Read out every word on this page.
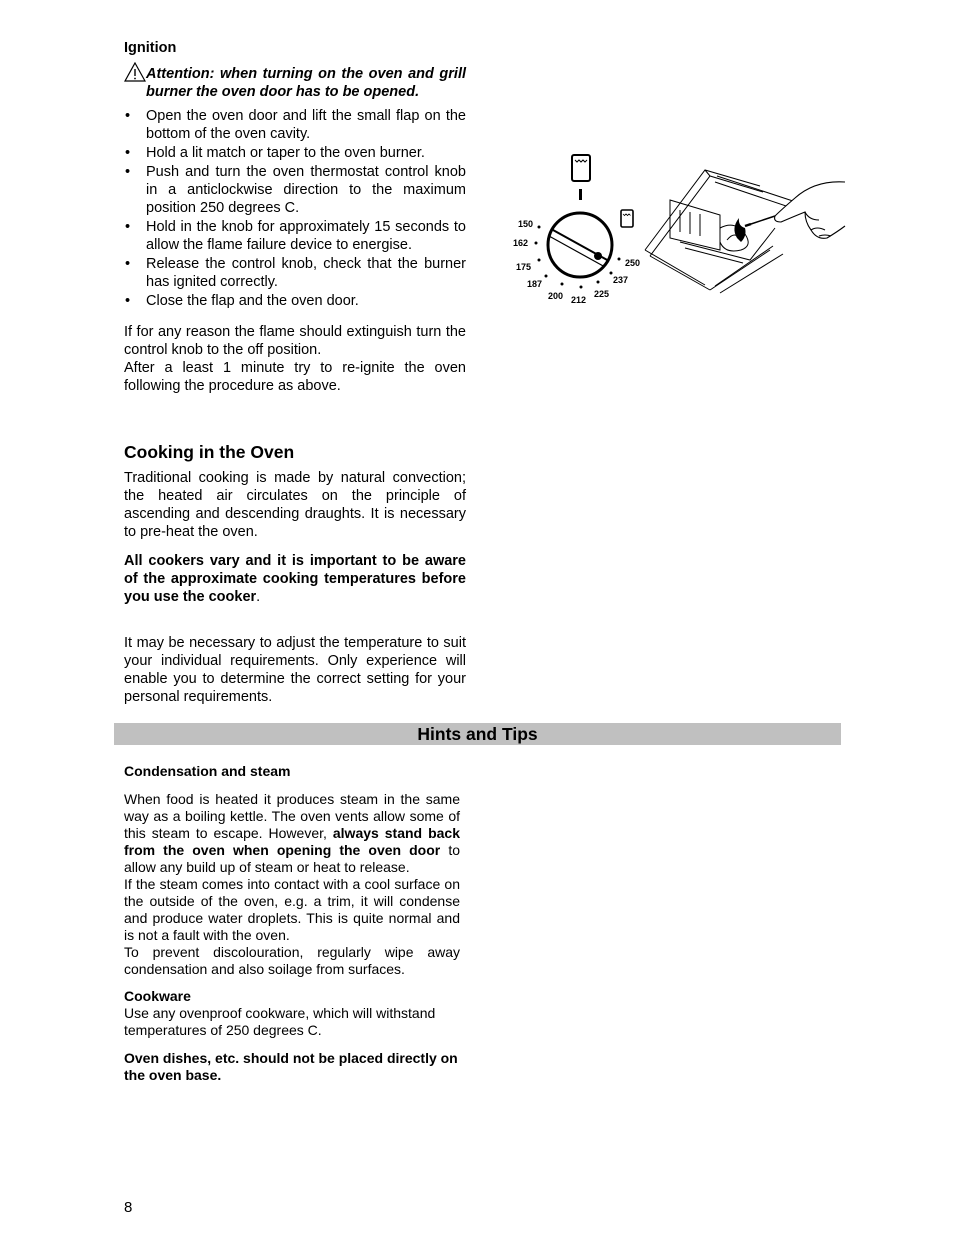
Ignition

Attention: when turning on the oven and grill burner the oven door has to be opened.
• Open the oven door and lift the small flap on the bottom of the oven cavity.
• Hold a lit match or taper to the oven burner.
• Push and turn the oven thermostat control knob in a anticlockwise direction to the maximum position 250 degrees C.
• Hold in the knob for approximately 15 seconds to allow the flame failure device to energise.
• Release the control knob, check that the burner has ignited correctly.
• Close the flap and the oven door.

If for any reason the flame should extinguish turn the control knob to the off position.

After a least 1 minute try to re-ignite the oven following the procedure as above.

Cooking in the Oven

Traditional cooking is made by natural convection; the heated air circulates on the principle of ascending and descending draughts. It is necessary to pre-heat the oven.

All cookers vary and it is important to be aware of the approximate cooking temperatures before you use the cooker.

It may be necessary to adjust the temperature to suit your individual requirements. Only experience will enable you to determine the correct setting for your personal requirements.

150
162
175
187
200 212
225
237
250
Hints and Tips

Condensation and steam

When food is heated it produces steam in the same way as a boiling kettle. The oven vents allow some of this steam to escape. However, always stand back from the oven when opening the oven door to allow any build up of steam or heat to release.

If the steam comes into contact with a cool surface on the outside of the oven, e.g. a trim, it will condense and produce water droplets. This is quite normal and is not a fault with the oven.

To prevent discolouration, regularly wipe away condensation and also soilage from surfaces.

Cookware

Use any ovenproof cookware, which will withstand temperatures of 250 degrees C.

Oven dishes, etc. should not be placed directly on the oven base.

8
